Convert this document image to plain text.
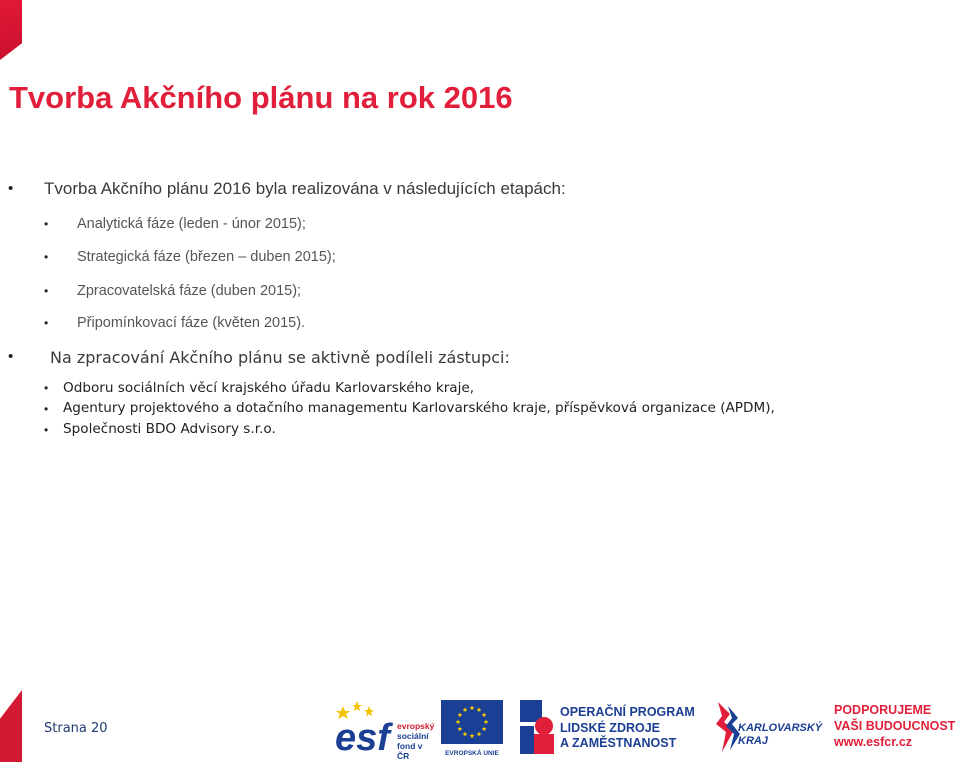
Tvorba Akčního plánu na rok 2016
• Tvorba Akčního plánu 2016 byla realizována v následujících etapách:
• Analytická fáze (leden - únor 2015);
• Strategická fáze (březen – duben 2015);
• Zpracovatelská fáze (duben 2015);
• Připomínkovací fáze (květen 2015).
• Na zpracování Akčního plánu se aktivně podíleli zástupci:
• Odboru sociálních věcí krajského úřadu Karlovarského kraje,
• Agentury projektového a dotačního managementu Karlovarského kraje, příspěvková organizace (APDM),
• Společnosti BDO Advisory s.r.o.
Strana 20	esf evropský
sociální
fond v ČR	EVROPSKÁ UNIE
OPERAČNÍ PROGRAM
LIDSKÉ ZDROJE
A ZAMĚSTNANOST
KARLOVARSKÝ
KRAJ
PODPORUJEME
VAŠI BUDOUCNOST
www.esfcr.cz
